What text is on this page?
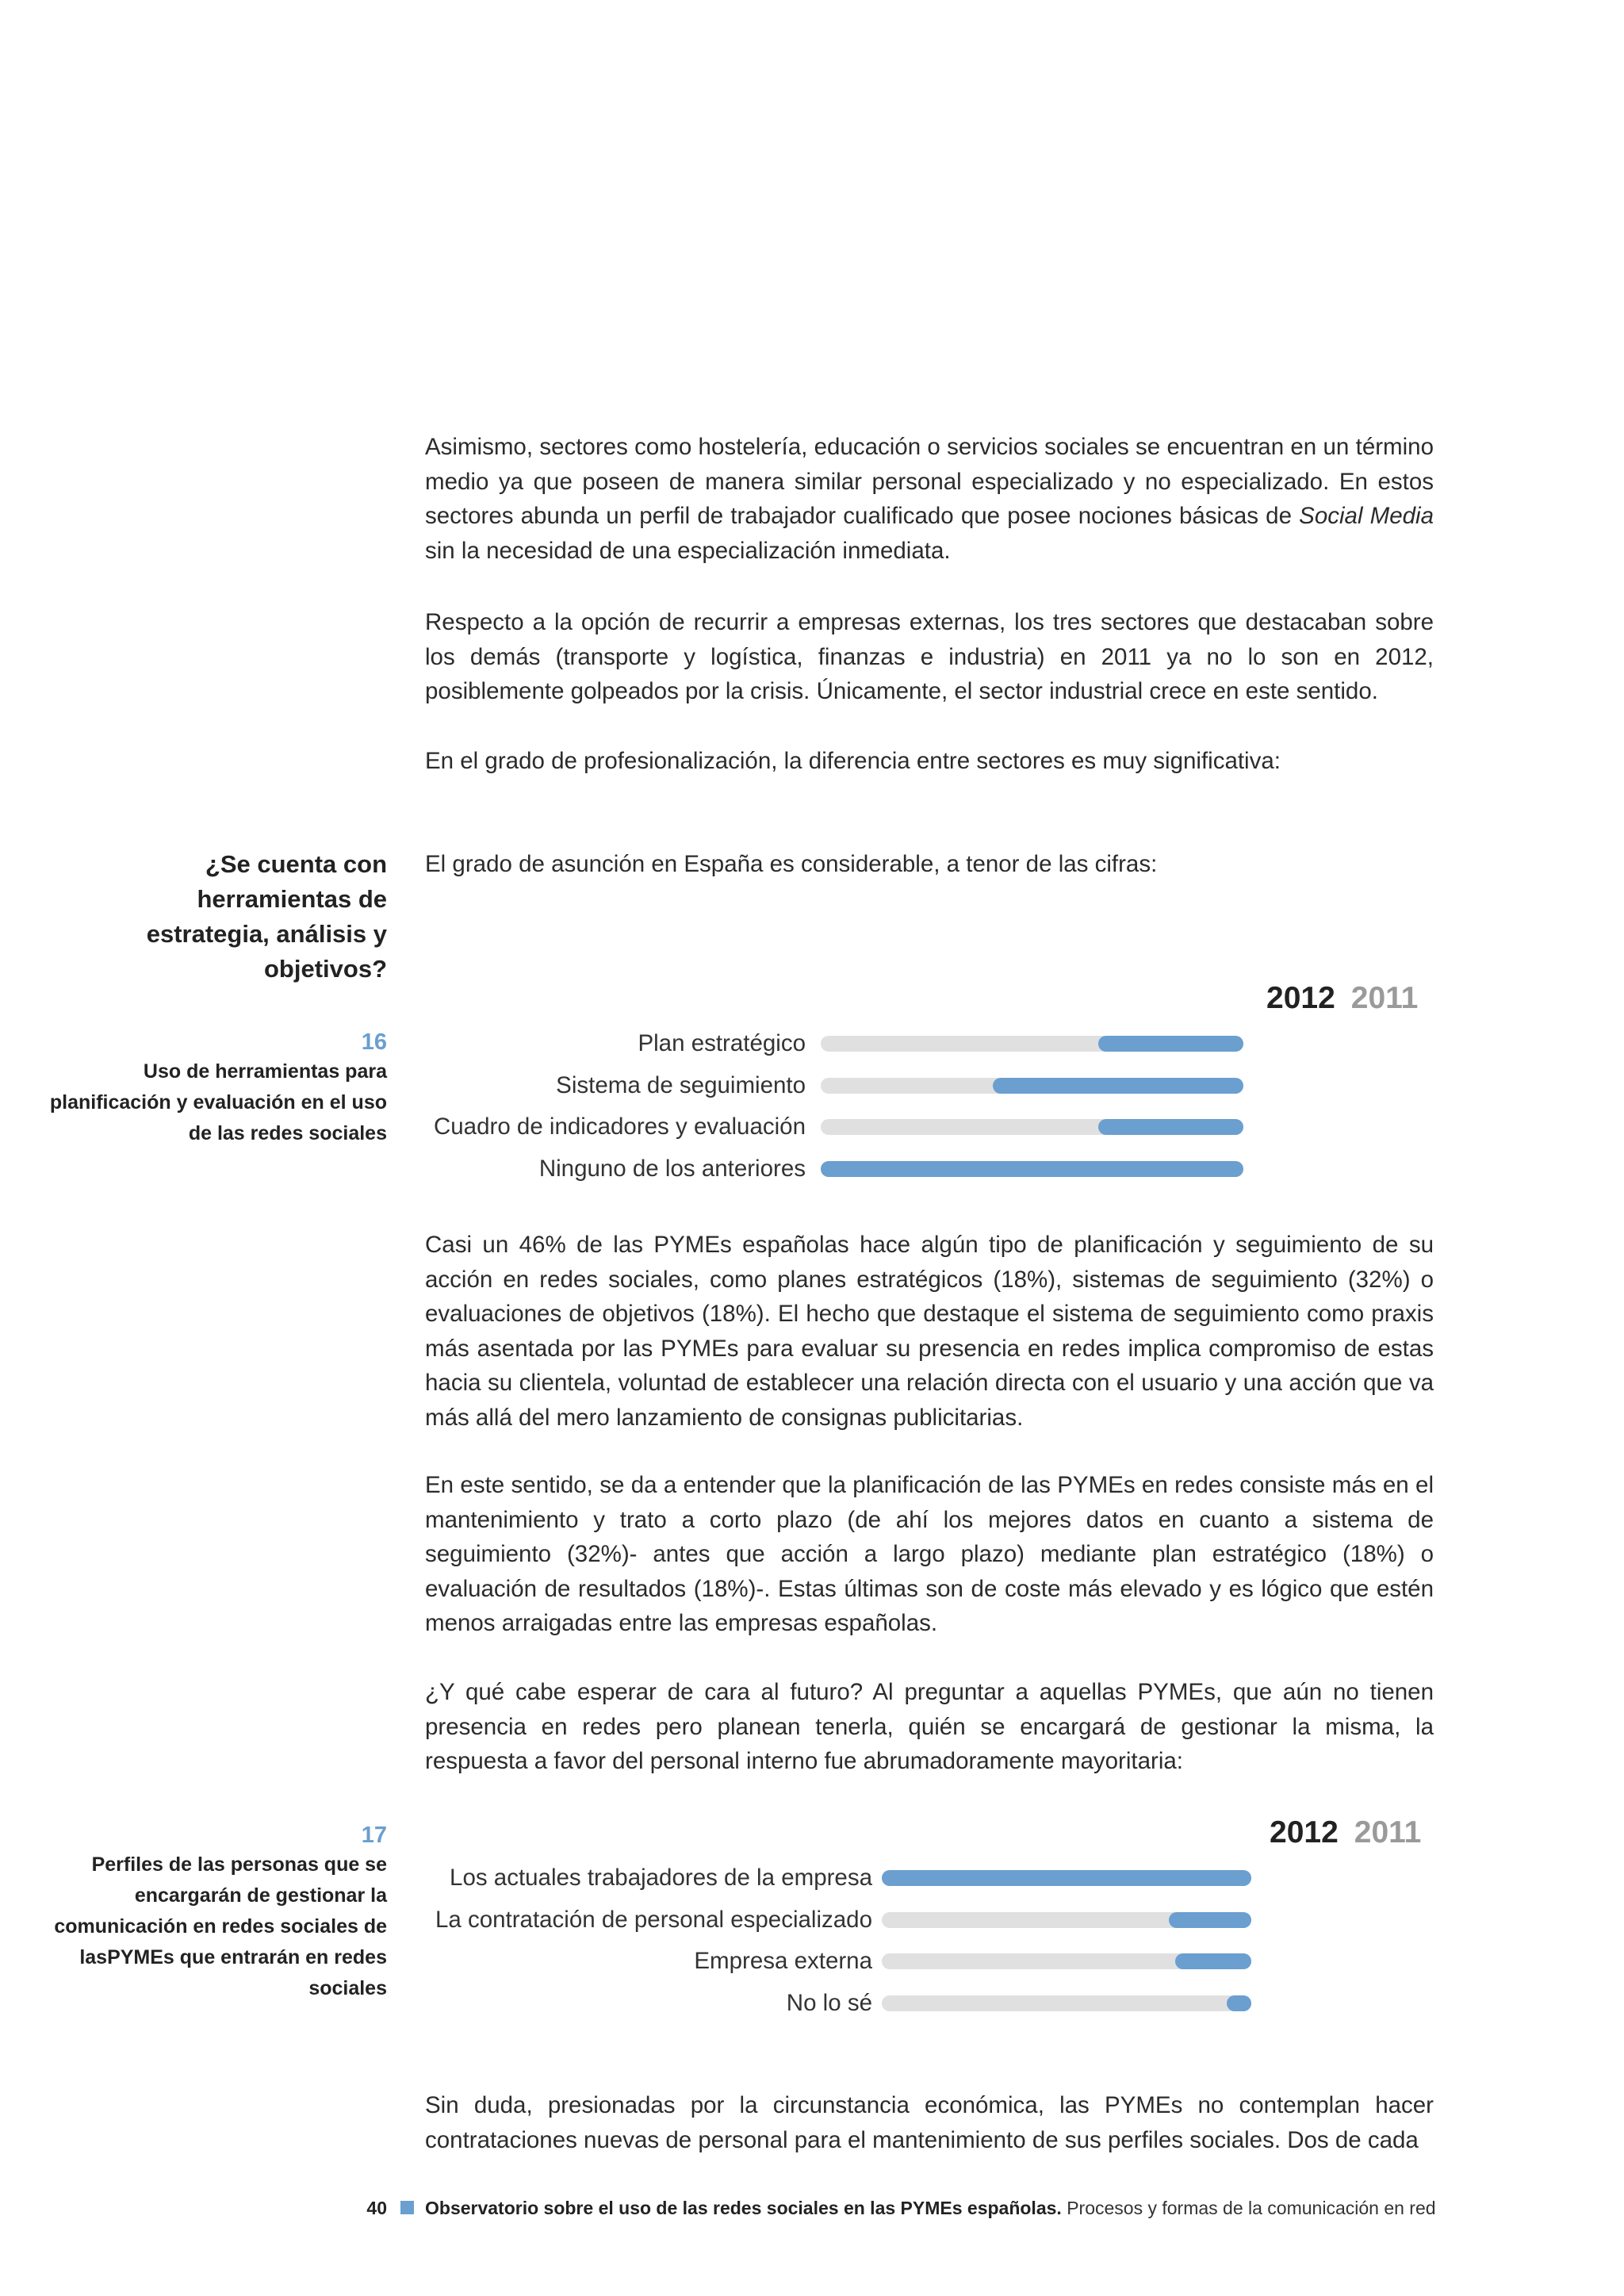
Asimismo, sectores como hostelería, educación o servicios sociales se encuentran en un término medio ya que poseen de manera similar personal especializado y no especializado. En estos sectores abunda un perfil de trabajador cualificado que posee nociones básicas de Social Media sin la necesidad de una especialización inmediata.
Respecto a la opción de recurrir a empresas externas, los tres sectores que destacaban sobre los demás (transporte y logística, finanzas e industria) en 2011 ya no lo son en 2012, posiblemente golpeados por la crisis. Únicamente, el sector industrial crece en este sentido.
En el grado de profesionalización, la diferencia entre sectores es muy significativa:
¿Se cuenta con herramientas de estrategia, análisis y objetivos?
El grado de asunción en España es considerable, a tenor de las cifras:
16
Uso de herramientas para planificación y evaluación en el uso de las redes sociales
2012 2011
Plan estratégico
Sistema de seguimiento
Cuadro de indicadores y evaluación
Ninguno de los anteriores
Casi un 46% de las PYMEs españolas hace algún tipo de planificación y seguimiento de su acción en redes sociales, como planes estratégicos (18%), sistemas de seguimiento (32%) o evaluaciones de objetivos (18%). El hecho que destaque el sistema de seguimiento como praxis más asentada por las PYMEs para evaluar su presencia en redes implica compromiso de estas hacia su clientela, voluntad de establecer una relación directa con el usuario y una acción que va más allá del mero lanzamiento de consignas publicitarias.
En este sentido, se da a entender que la planificación de las PYMEs en redes consiste más en el mantenimiento y trato a corto plazo (de ahí los mejores datos en cuanto a sistema de seguimiento (32%)- antes que acción a largo plazo) mediante plan estratégico (18%) o evaluación de resultados (18%)-. Estas últimas son de coste más elevado y es lógico que estén menos arraigadas entre las empresas españolas.
¿Y qué cabe esperar de cara al futuro? Al preguntar a aquellas PYMEs, que aún no tienen presencia en redes pero planean tenerla, quién se encargará de gestionar la misma, la respuesta a favor del personal interno fue abrumadoramente mayoritaria:
17
Perfiles de las personas que se encargarán de gestionar la comunicación en redes sociales de lasPYMEs que entrarán en redes sociales
2012 2011
Los actuales trabajadores de la empresa
La contratación de personal especializado
Empresa externa
No lo sé
Sin duda, presionadas por la circunstancia económica, las PYMEs no contemplan hacer contrataciones nuevas de personal para el mantenimiento de sus perfiles sociales. Dos de cada
40 Observatorio sobre el uso de las redes sociales en las PYMEs españolas. Procesos y formas de la comunicación en red
